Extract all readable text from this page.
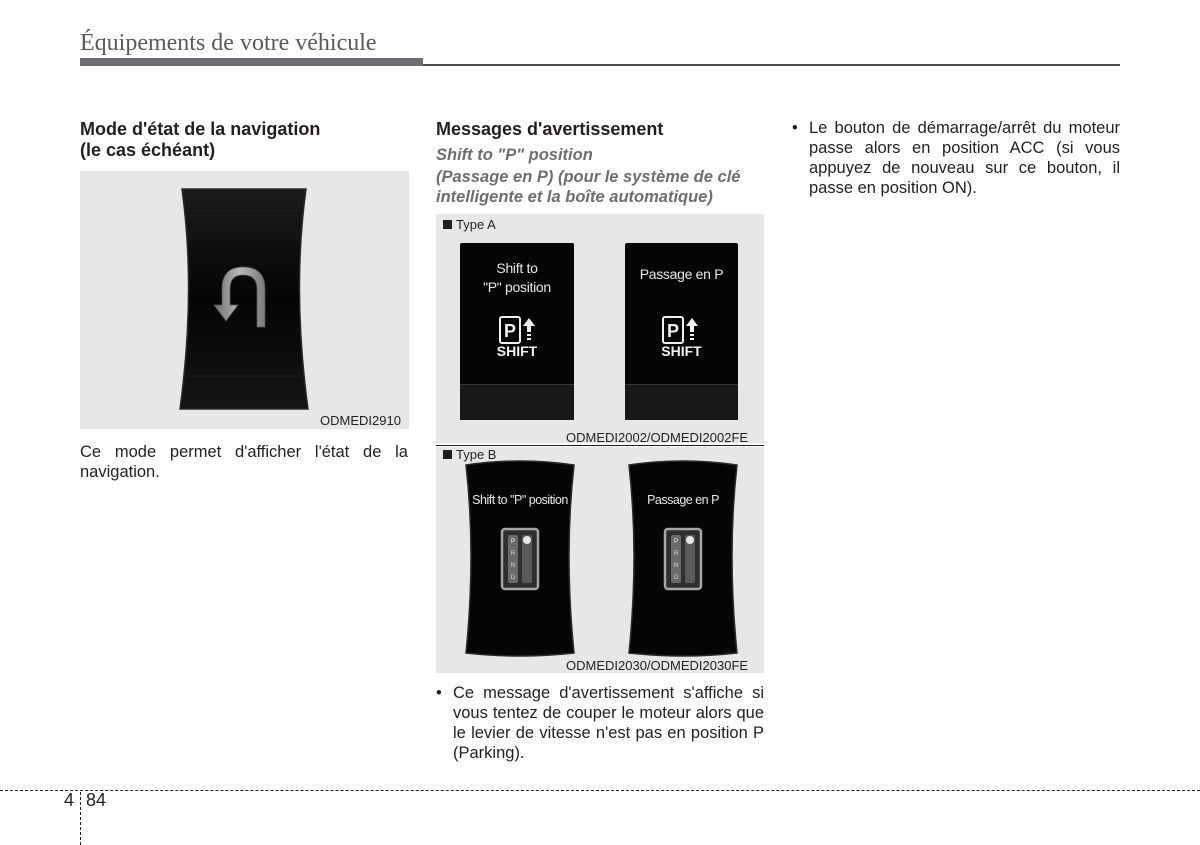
Équipements de votre véhicule
Mode d'état de la navigation
(le cas échéant)
ODMEDI2910
Ce mode permet d'afficher l'état de la navigation.
Messages d'avertissement
Shift to "P" position
(Passage en P) (pour le système de clé
intelligente et la boîte automatique)
Type A
Shift to
"P" position
P
SHIFT
Passage en P
P
SHIFT
ODMEDI2002/ODMEDI2002FE
Type B
P
R
N
D
Shift to "P" position
P
R
N
D
Passage en P
ODMEDI2030/ODMEDI2030FE
• Ce message d'avertissement s'affiche si vous tentez de couper le moteur alors que le levier de vitesse n'est pas en position P (Parking).
• Le bouton de démarrage/arrêt du moteur passe alors en position ACC (si vous appuyez de nouveau sur ce bouton, il passe en position ON).
4 84
